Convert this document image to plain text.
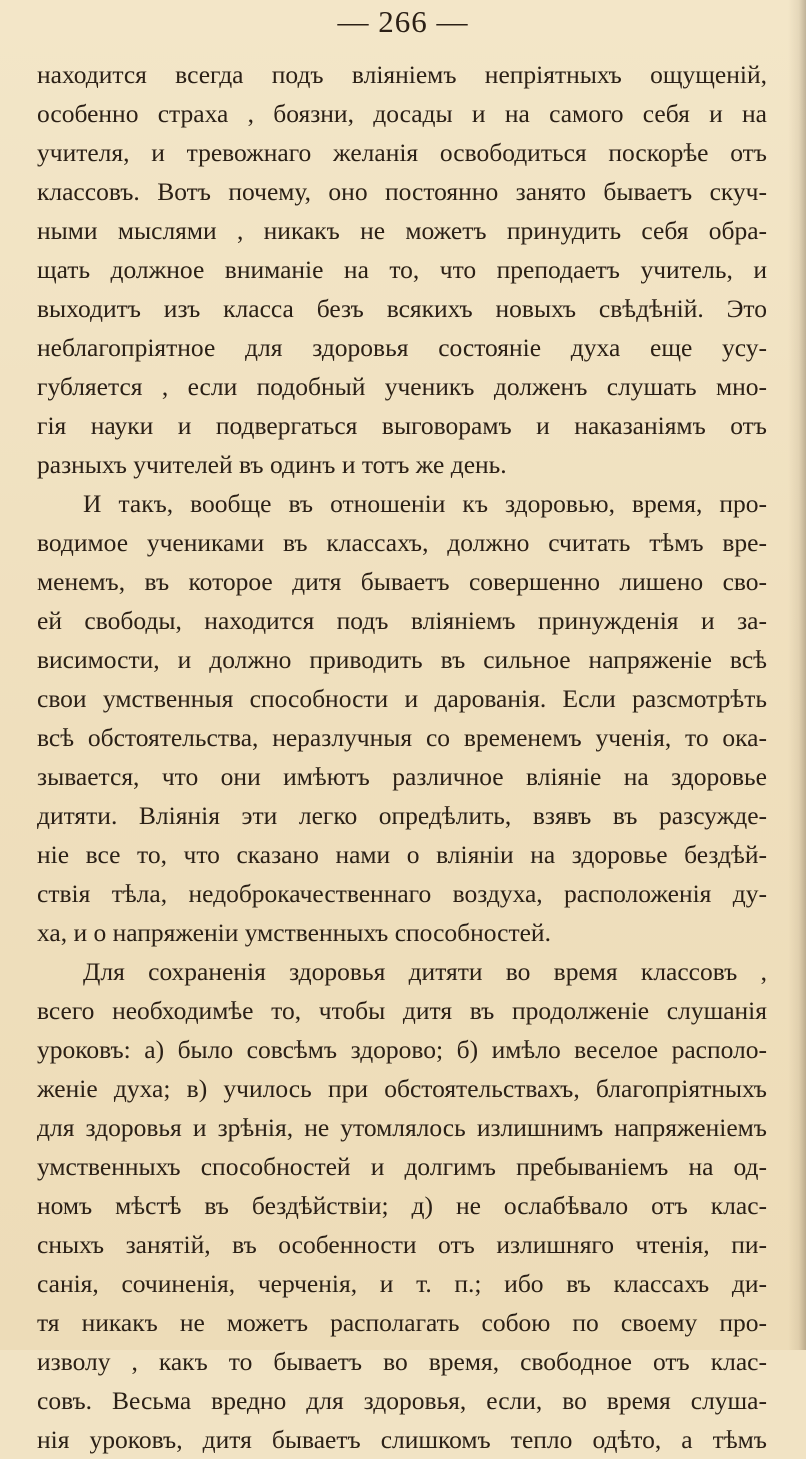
— 266 —
находится всегда подъ вліяніемъ непріятныхъ ощущеній,
особенно страха , боязни, досады и на самого себя и на
учителя, и тревожнаго желанія освободиться поскорѣе отъ
классовъ. Вотъ почему, оно постоянно занято бываетъ скуч-
ными мыслями , никакъ не можетъ принудить себя обра-
щать должное вниманіе на то, что преподаетъ учитель, и
выходитъ изъ класса безъ всякихъ новыхъ свѣдѣній. Это
неблагопріятное для здоровья состояніе духа еще усу-
губляется , если подобный ученикъ долженъ слушать мно-
гія науки и подвергаться выговорамъ и наказаніямъ отъ
разныхъ учителей въ одинъ и тотъ же день.
И такъ, вообще въ отношеніи къ здоровью, время, про-
водимое учениками въ классахъ, должно считать тѣмъ вре-
менемъ, въ которое дитя бываетъ совершенно лишено сво-
ей свободы, находится подъ вліяніемъ принужденія и за-
висимости, и должно приводить въ сильное напряженіе всѣ
свои умственныя способности и дарованія. Если разсмотрѣть
всѣ обстоятельства, неразлучныя со временемъ ученія, то ока-
зывается, что они имѣютъ различное вліяніе на здоровье
дитяти. Вліянія эти легко опредѣлить, взявъ въ разсужде-
ніе все то, что сказано нами о вліяніи на здоровье бездѣй-
ствія тѣла, недоброкачественнаго воздуха, расположенія ду-
ха, и о напряженіи умственныхъ способностей.
Для сохраненія здоровья дитяти во время классовъ ,
всего необходимѣе то, чтобы дитя въ продолженіе слушанія
уроковъ: а) было совсѣмъ здорово; б) имѣло веселое располо-
женіе духа; в) училось при обстоятельствахъ, благопріятныхъ
для здоровья и зрѣнія, не утомлялось излишнимъ напряженіемъ
умственныхъ способностей и долгимъ пребываніемъ на од-
номъ мѣстѣ въ бездѣйствіи; д) не ослабѣвало отъ клас-
сныхъ занятій, въ особенности отъ излишняго чтенія, пи-
санія, сочиненія, черченія, и т. п.; ибо въ классахъ ди-
тя никакъ не можетъ располагать собою по своему про-
изволу , какъ то бываетъ во время, свободное отъ клас-
совъ. Весьма вредно для здоровья, если, во время слуша-
нія уроковъ, дитя бываетъ слишкомъ тепло одѣто, а тѣмъ
